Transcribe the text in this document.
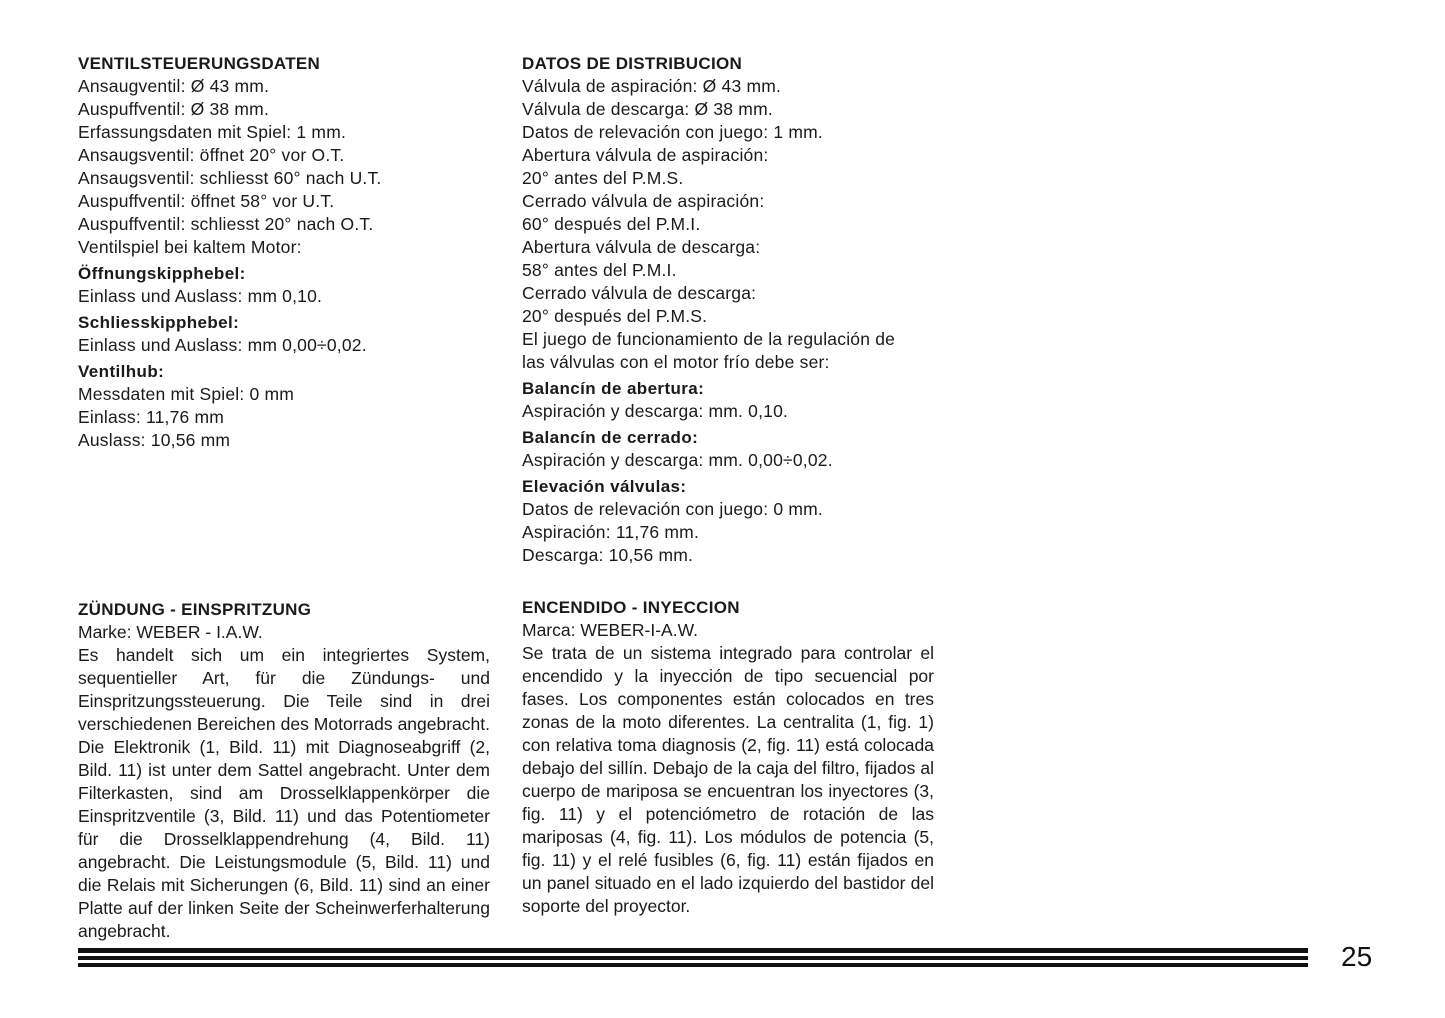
VENTILSTEUERUNGSDATEN
Ansaugventil: Ø 43 mm.
Auspuffventil: Ø 38 mm.
Erfassungsdaten mit Spiel: 1 mm.
Ansaugsventil: öffnet 20° vor O.T.
Ansaugsventil: schliesst 60° nach U.T.
Auspuffventil: öffnet 58° vor U.T.
Auspuffventil: schliesst 20° nach O.T.
Ventilspiel bei kaltem Motor:
Öffnungskipphebel:
Einlass und Auslass: mm 0,10.
Schliesskipphebel:
Einlass und Auslass: mm 0,00÷0,02.
Ventilhub:
Messdaten mit Spiel: 0 mm
Einlass: 11,76 mm
Auslass: 10,56 mm
DATOS DE DISTRIBUCION
Válvula de aspiración: Ø 43 mm.
Válvula de descarga: Ø 38 mm.
Datos de relevación con juego: 1 mm.
Abertura válvula de aspiración:
20° antes del P.M.S.
Cerrado válvula de aspiración:
60° después del P.M.I.
Abertura válvula de descarga:
58° antes del P.M.I.
Cerrado válvula de descarga:
20° después del P.M.S.
El juego de funcionamiento de la regulación de
las válvulas con el motor frío debe ser:
Balancín de abertura:
Aspiración y descarga: mm. 0,10.
Balancín de cerrado:
Aspiración y descarga: mm. 0,00÷0,02.
Elevación válvulas:
Datos de relevación con juego: 0 mm.
Aspiración: 11,76 mm.
Descarga: 10,56 mm.
ZÜNDUNG - EINSPRITZUNG
Marke: WEBER - I.A.W.
Es handelt sich um ein integriertes System, sequentieller Art, für die Zündungs- und Einspritzungssteuerung. Die Teile sind in drei verschiedenen Bereichen des Motorrads angebracht. Die Elektronik (1, Bild. 11) mit Diagnoseabgriff (2, Bild. 11) ist unter dem Sattel angebracht. Unter dem Filterkasten, sind am Drosselklappenkörper die Einspritzventile (3, Bild. 11) und das Potentiometer für die Drosselklappendrehung (4, Bild. 11) angebracht. Die Leistungsmodule (5, Bild. 11) und die Relais mit Sicherungen (6, Bild. 11) sind an einer Platte auf der linken Seite der Scheinwerferhalterung angebracht.
ENCENDIDO - INYECCION
Marca: WEBER-I-A.W.
Se trata de un sistema integrado para controlar el encendido y la inyección de tipo secuencial por fases. Los componentes están colocados en tres zonas de la moto diferentes. La centralita (1, fig. 1) con relativa toma diagnosis (2, fig. 11) está colocada debajo del sillín. Debajo de la caja del filtro, fijados al cuerpo de mariposa se encuentran los inyectores (3, fig. 11) y el potenciómetro de rotación de las mariposas (4, fig. 11). Los módulos de potencia (5, fig. 11) y el relé fusibles (6, fig. 11) están fijados en un panel situado en el lado izquierdo del bastidor del soporte del proyector.
25
